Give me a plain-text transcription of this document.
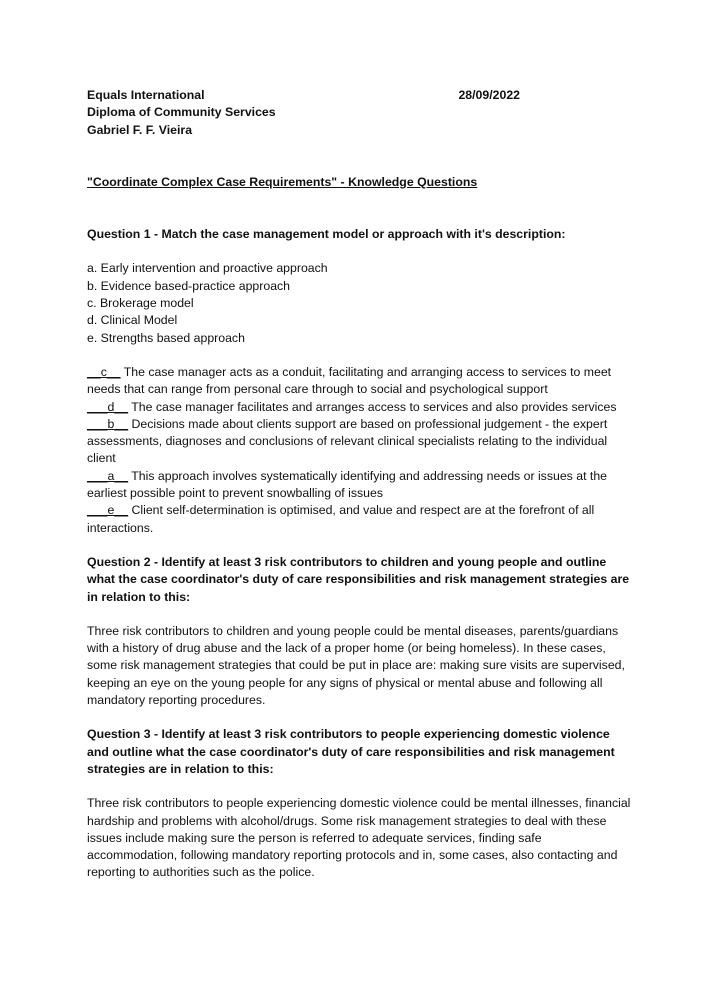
Equals International	28/09/2022
Diploma of Community Services
Gabriel F. F. Vieira
"Coordinate Complex Case Requirements" - Knowledge Questions

Question 1 - Match the case management model or approach with it's description:

a. Early intervention and proactive approach
b. Evidence based-practice approach
c. Brokerage model
d. Clinical Model
e. Strengths based approach
__c__ The case manager acts as a conduit, facilitating and arranging access to services to meet needs that can range from personal care through to social and psychological support
___d__ The case manager facilitates and arranges access to services and also provides services
___b__ Decisions made about clients support are based on professional judgement - the expert assessments, diagnoses and conclusions of relevant clinical specialists relating to the individual client
___a__ This approach involves systematically identifying and addressing needs or issues at the earliest possible point to prevent snowballing of issues
___e__ Client self-determination is optimised, and value and respect are at the forefront of all interactions.

Question 2 - Identify at least 3 risk contributors to children and young people and outline what the case coordinator's duty of care responsibilities and risk management strategies are in relation to this:

Three risk contributors to children and young people could be mental diseases, parents/guardians with a history of drug abuse and the lack of a proper home (or being homeless). In these cases, some risk management strategies that could be put in place are: making sure visits are supervised, keeping an eye on the young people for any signs of physical or mental abuse and following all mandatory reporting procedures.

Question 3 - Identify at least 3 risk contributors to people experiencing domestic violence and outline what the case coordinator's duty of care responsibilities and risk management strategies are in relation to this:

Three risk contributors to people experiencing domestic violence could be mental illnesses, financial hardship and problems with alcohol/drugs. Some risk management strategies to deal with these issues include making sure the person is referred to adequate services, finding safe accommodation, following mandatory reporting protocols and in, some cases, also contacting and reporting to authorities such as the police.
